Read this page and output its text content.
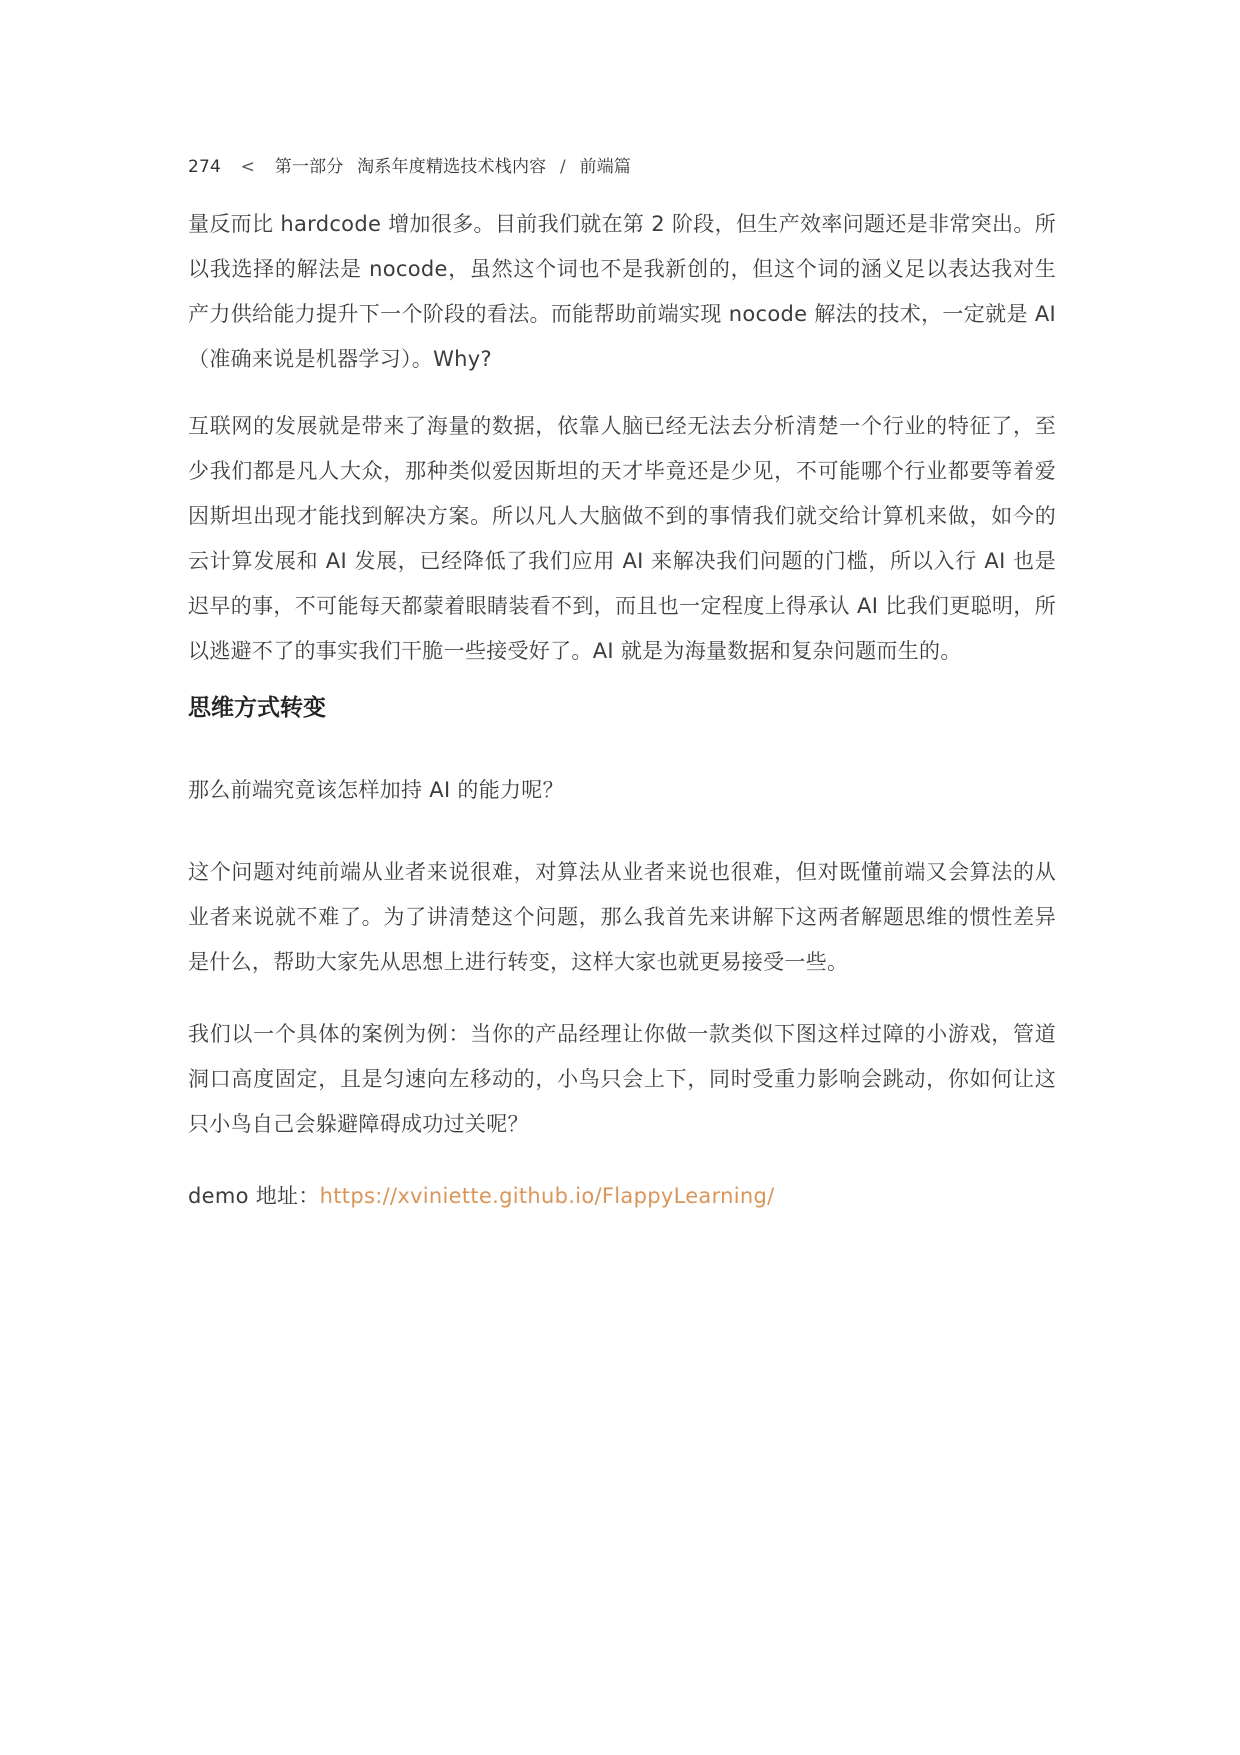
274 < 第一部分 淘系年度精选技术栈内容 / 前端篇

量反而比 hardcode 增加很多。目前我们就在第 2 阶段，但生产效率问题还是非常突出。所以我选择的解法是 nocode，虽然这个词也不是我新创的，但这个词的涵义足以表达我对生产力供给能力提升下一个阶段的看法。而能帮助前端实现 nocode 解法的技术，一定就是 AI（准确来说是机器学习）。Why?

互联网的发展就是带来了海量的数据，依靠人脑已经无法去分析清楚一个行业的特征了，至少我们都是凡人大众，那种类似爱因斯坦的天才毕竟还是少见，不可能哪个行业都要等着爱因斯坦出现才能找到解决方案。所以凡人大脑做不到的事情我们就交给计算机来做，如今的云计算发展和 AI 发展，已经降低了我们应用 AI 来解决我们问题的门槛，所以入行 AI 也是迟早的事，不可能每天都蒙着眼睛装看不到，而且也一定程度上得承认 AI 比我们更聪明，所以逃避不了的事实我们干脆一些接受好了。AI 就是为海量数据和复杂问题而生的。

思维方式转变

那么前端究竟该怎样加持 AI 的能力呢？

这个问题对纯前端从业者来说很难，对算法从业者来说也很难，但对既懂前端又会算法的从业者来说就不难了。为了讲清楚这个问题，那么我首先来讲解下这两者解题思维的惯性差异是什么，帮助大家先从思想上进行转变，这样大家也就更易接受一些。

我们以一个具体的案例为例：当你的产品经理让你做一款类似下图这样过障的小游戏，管道洞口高度固定，且是匀速向左移动的，小鸟只会上下，同时受重力影响会跳动，你如何让这只小鸟自己会躲避障碍成功过关呢？

demo 地址：https://xviniette.github.io/FlappyLearning/
